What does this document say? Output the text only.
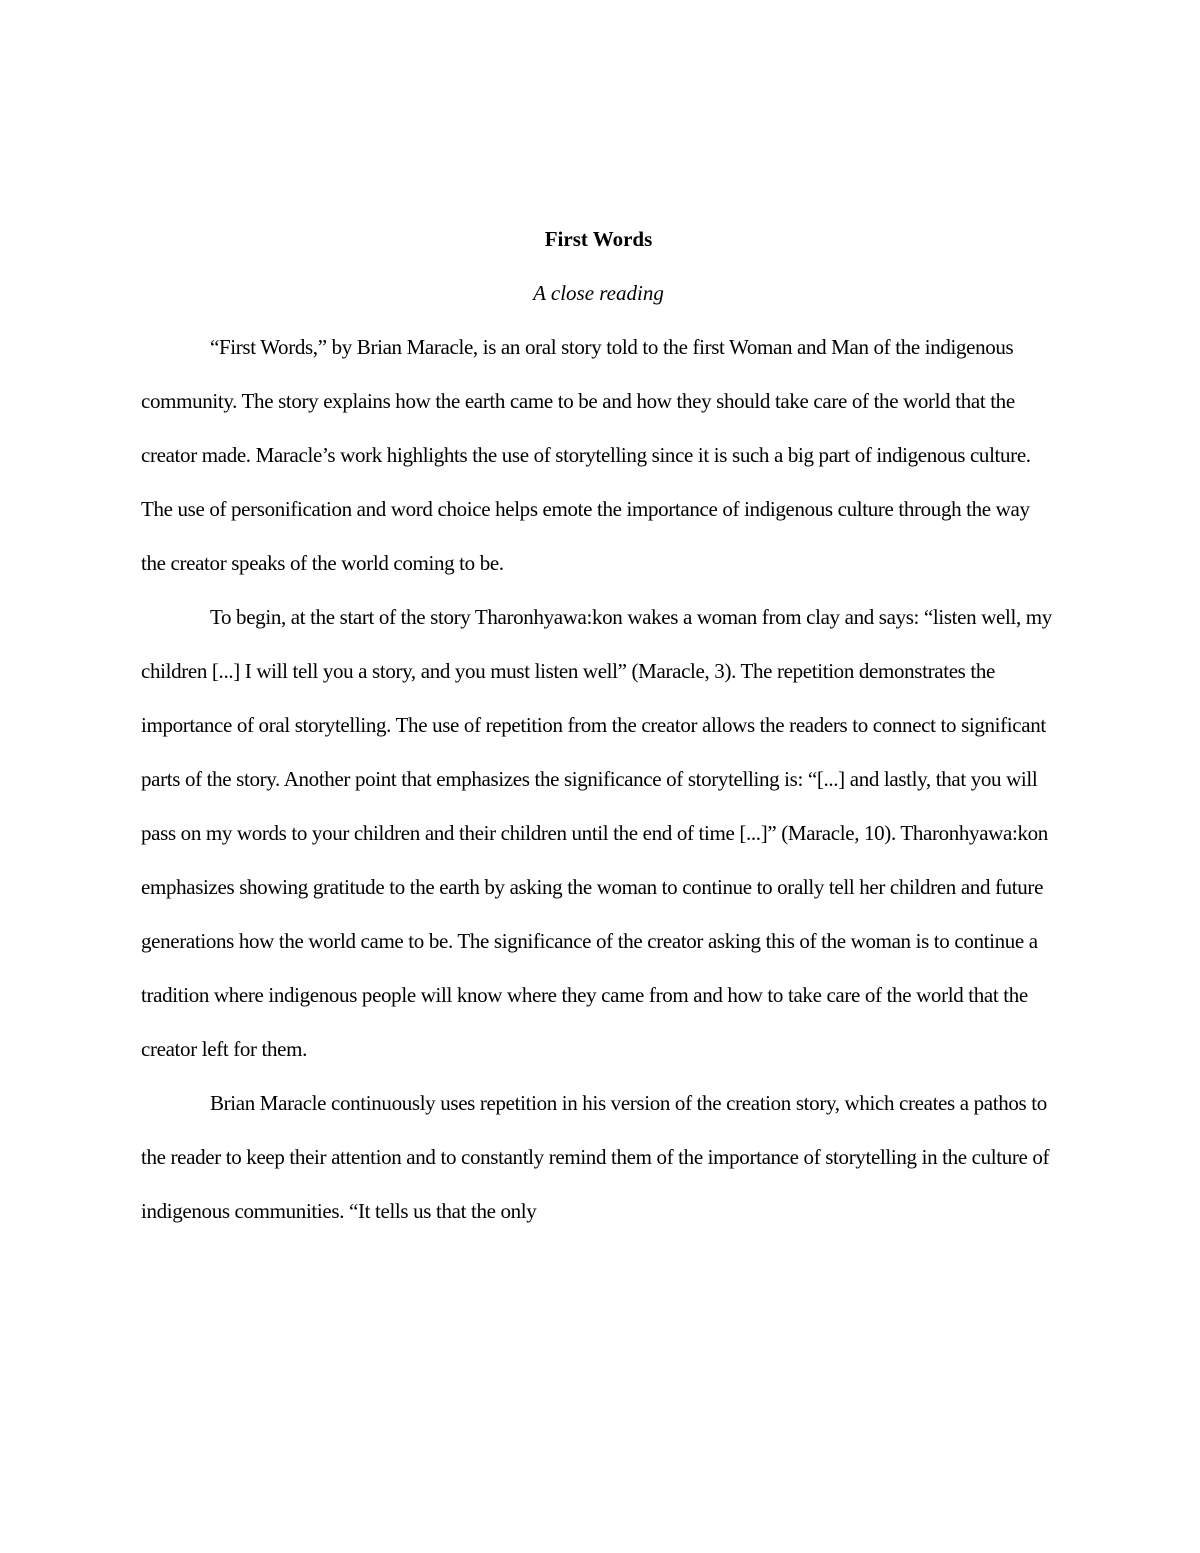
First Words

A close reading

“First Words,” by Brian Maracle, is an oral story told to the first Woman and Man of the indigenous community. The story explains how the earth came to be and how they should take care of the world that the creator made. Maracle’s work highlights the use of storytelling since it is such a big part of indigenous culture. The use of personification and word choice helps emote the importance of indigenous culture through the way the creator speaks of the world coming to be.

To begin, at the start of the story Tharonhyawa:kon wakes a woman from clay and says: “listen well, my children [...] I will tell you a story, and you must listen well” (Maracle, 3). The repetition demonstrates the importance of oral storytelling. The use of repetition from the creator allows the readers to connect to significant parts of the story. Another point that emphasizes the significance of storytelling is: “[...] and lastly, that you will pass on my words to your children and their children until the end of time [...]” (Maracle, 10). Tharonhyawa:kon emphasizes showing gratitude to the earth by asking the woman to continue to orally tell her children and future generations how the world came to be. The significance of the creator asking this of the woman is to continue a tradition where indigenous people will know where they came from and how to take care of the world that the creator left for them.

Brian Maracle continuously uses repetition in his version of the creation story, which creates a pathos to the reader to keep their attention and to constantly remind them of the importance of storytelling in the culture of indigenous communities. “It tells us that the only
